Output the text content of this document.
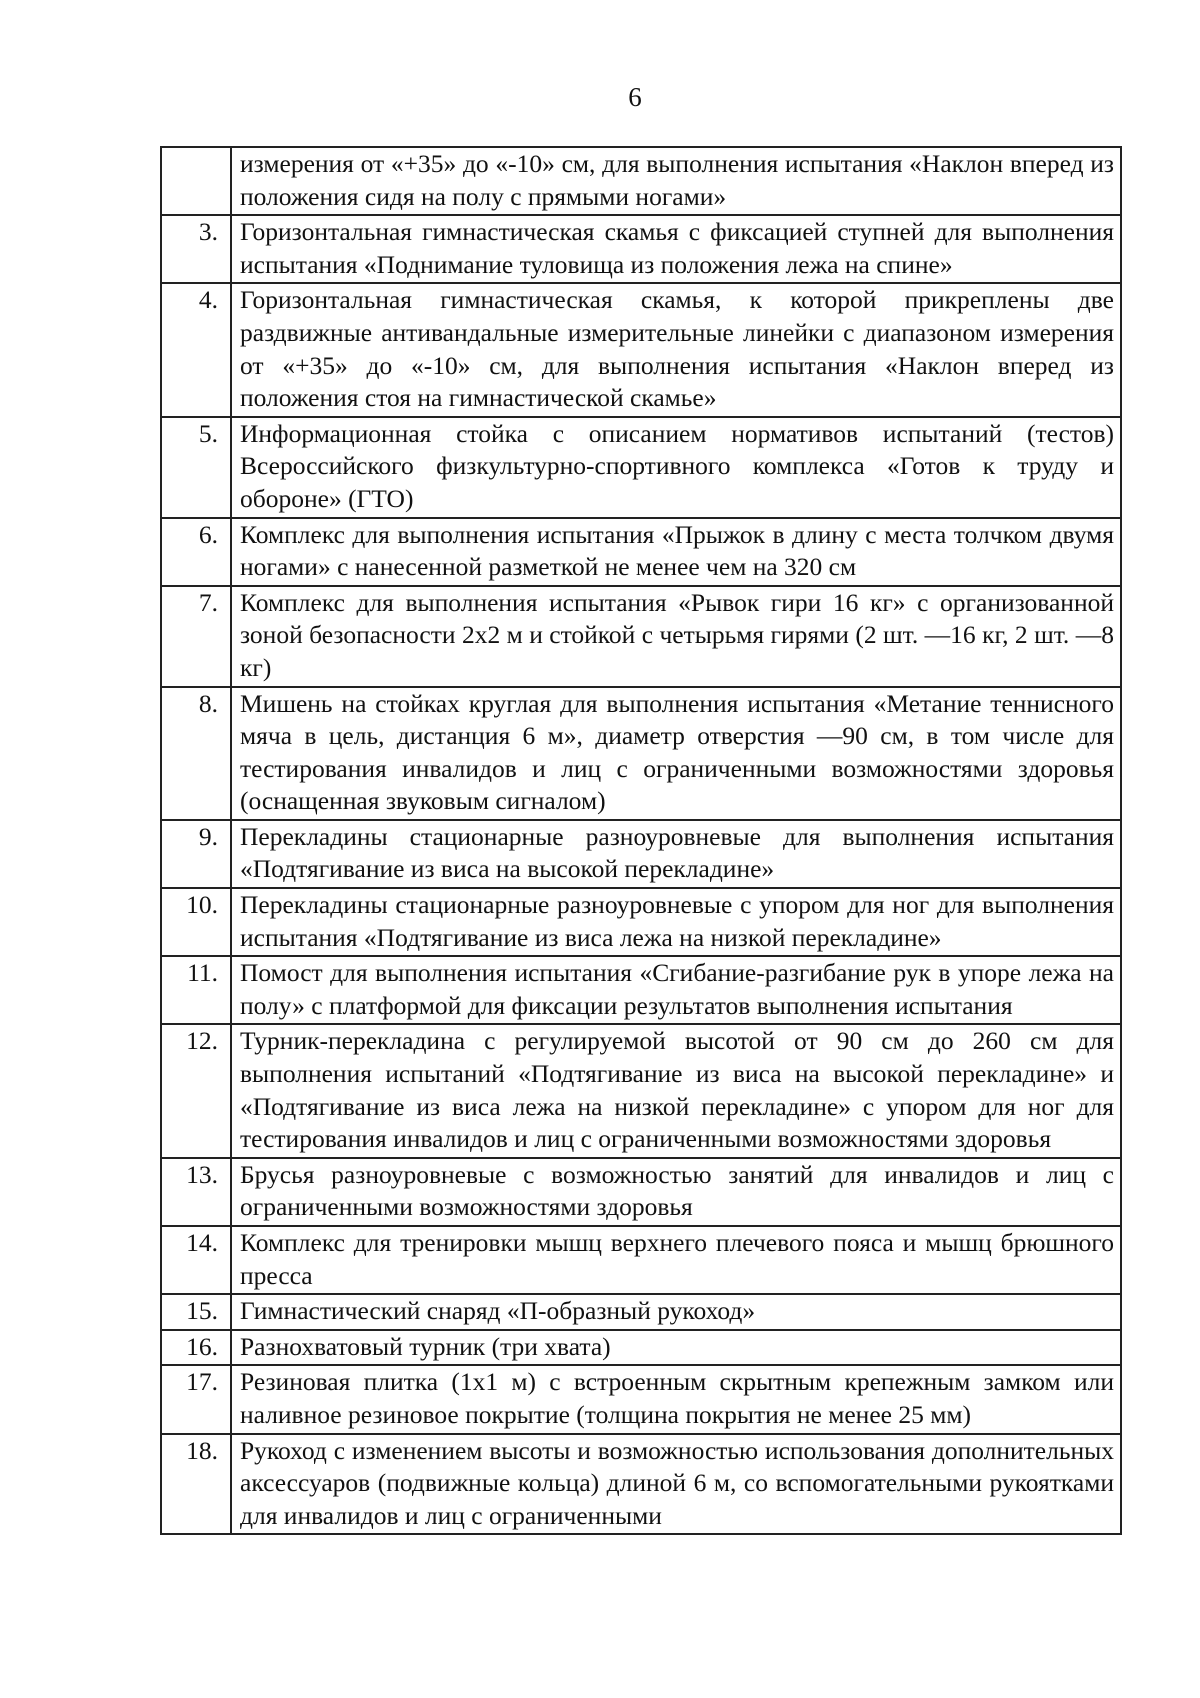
6
	измерения от «+35» до «-10» см, для выполнения испытания «Наклон вперед из положения сидя на полу с прямыми ногами»
3.	Горизонтальная гимнастическая скамья с фиксацией ступней для выполнения испытания «Поднимание туловища из положения лежа на спине»
4.	Горизонтальная гимнастическая скамья, к которой прикреплены две раздвижные антивандальные измерительные линейки с диапазоном измерения от «+35» до «-10» см, для выполнения испытания «Наклон вперед из положения стоя на гимнастической скамье»
5.	Информационная стойка с описанием нормативов испытаний (тестов) Всероссийского физкультурно-спортивного комплекса «Готов к труду и обороне» (ГТО)
6.	Комплекс для выполнения испытания «Прыжок в длину с места толчком двумя ногами» с нанесенной разметкой не менее чем на 320 см
7.	Комплекс для выполнения испытания «Рывок гири 16 кг» с организованной зоной безопасности 2х2 м и стойкой с четырьмя гирями (2 шт. —16 кг, 2 шт. —8 кг)
8.	Мишень на стойках круглая для выполнения испытания «Метание теннисного мяча в цель, дистанция 6 м», диаметр отверстия —90 см, в том числе для тестирования инвалидов и лиц с ограниченными возможностями здоровья (оснащенная звуковым сигналом)
9.	Перекладины стационарные разноуровневые для выполнения испытания «Подтягивание из виса на высокой перекладине»
10.	Перекладины стационарные разноуровневые с упором для ног для выполнения испытания «Подтягивание из виса лежа на низкой перекладине»
11.	Помост для выполнения испытания «Сгибание-разгибание рук в упоре лежа на полу» с платформой для фиксации результатов выполнения испытания
12.	Турник-перекладина с регулируемой высотой от 90 см до 260 см для выполнения испытаний «Подтягивание из виса на высокой перекладине» и «Подтягивание из виса лежа на низкой перекладине» с упором для ног для тестирования инвалидов и лиц с ограниченными возможностями здоровья
13.	Брусья разноуровневые с возможностью занятий для инвалидов и лиц с ограниченными возможностями здоровья
14.	Комплекс для тренировки мышц верхнего плечевого пояса и мышц брюшного пресса
15.	Гимнастический снаряд «П-образный рукоход»
16.	Разнохватовый турник (три хвата)
17.	Резиновая плитка (1х1 м) с встроенным скрытным крепежным замком или наливное резиновое покрытие (толщина покрытия не менее 25 мм)
18.	Рукоход с изменением высоты и возможностью использования дополнительных аксессуаров (подвижные кольца) длиной 6 м, со вспомогательными рукоятками для инвалидов и лиц с ограниченными
